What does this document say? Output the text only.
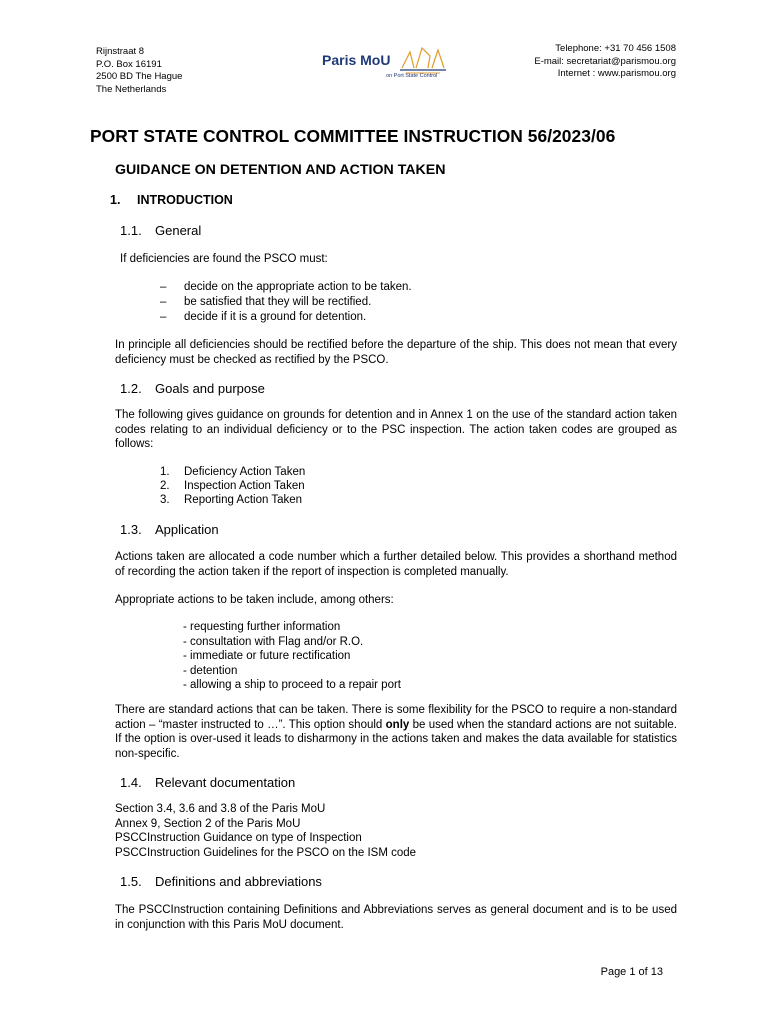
Rijnstraat 8
P.O. Box 16191
2500 BD The Hague
The Netherlands
Paris MoU
on Port State Control
Telephone: +31 70 456 1508
E-mail: secretariat@parismou.org
Internet : www.parismou.org
PORT STATE CONTROL COMMITTEE INSTRUCTION 56/2023/06
GUIDANCE ON DETENTION AND ACTION TAKEN
1. INTRODUCTION
1.1. General
If deficiencies are found the PSCO must:
– decide on the appropriate action to be taken.
– be satisfied that they will be rectified.
– decide if it is a ground for detention.
In principle all deficiencies should be rectified before the departure of the ship. This does not mean that every deficiency must be checked as rectified by the PSCO.
1.2. Goals and purpose
The following gives guidance on grounds for detention and in Annex 1 on the use of the standard action taken codes relating to an individual deficiency or to the PSC inspection. The action taken codes are grouped as follows:
1. Deficiency Action Taken
2. Inspection Action Taken
3. Reporting Action Taken
1.3. Application
Actions taken are allocated a code number which a further detailed below. This provides a shorthand method of recording the action taken if the report of inspection is completed manually.
Appropriate actions to be taken include, among others:
- requesting further information
- consultation with Flag and/or R.O.
- immediate or future rectification
- detention
- allowing a ship to proceed to a repair port
There are standard actions that can be taken. There is some flexibility for the PSCO to require a non-standard action – “master instructed to …”. This option should only be used when the standard actions are not suitable. If the option is over-used it leads to disharmony in the actions taken and makes the data available for statistics non-specific.
1.4. Relevant documentation
Section 3.4, 3.6 and 3.8 of the Paris MoU
Annex 9, Section 2 of the Paris MoU
PSCCInstruction Guidance on type of Inspection
PSCCInstruction Guidelines for the PSCO on the ISM code
1.5. Definitions and abbreviations
The PSCCInstruction containing Definitions and Abbreviations serves as general document and is to be used in conjunction with this Paris MoU document.
Page 1 of 13
